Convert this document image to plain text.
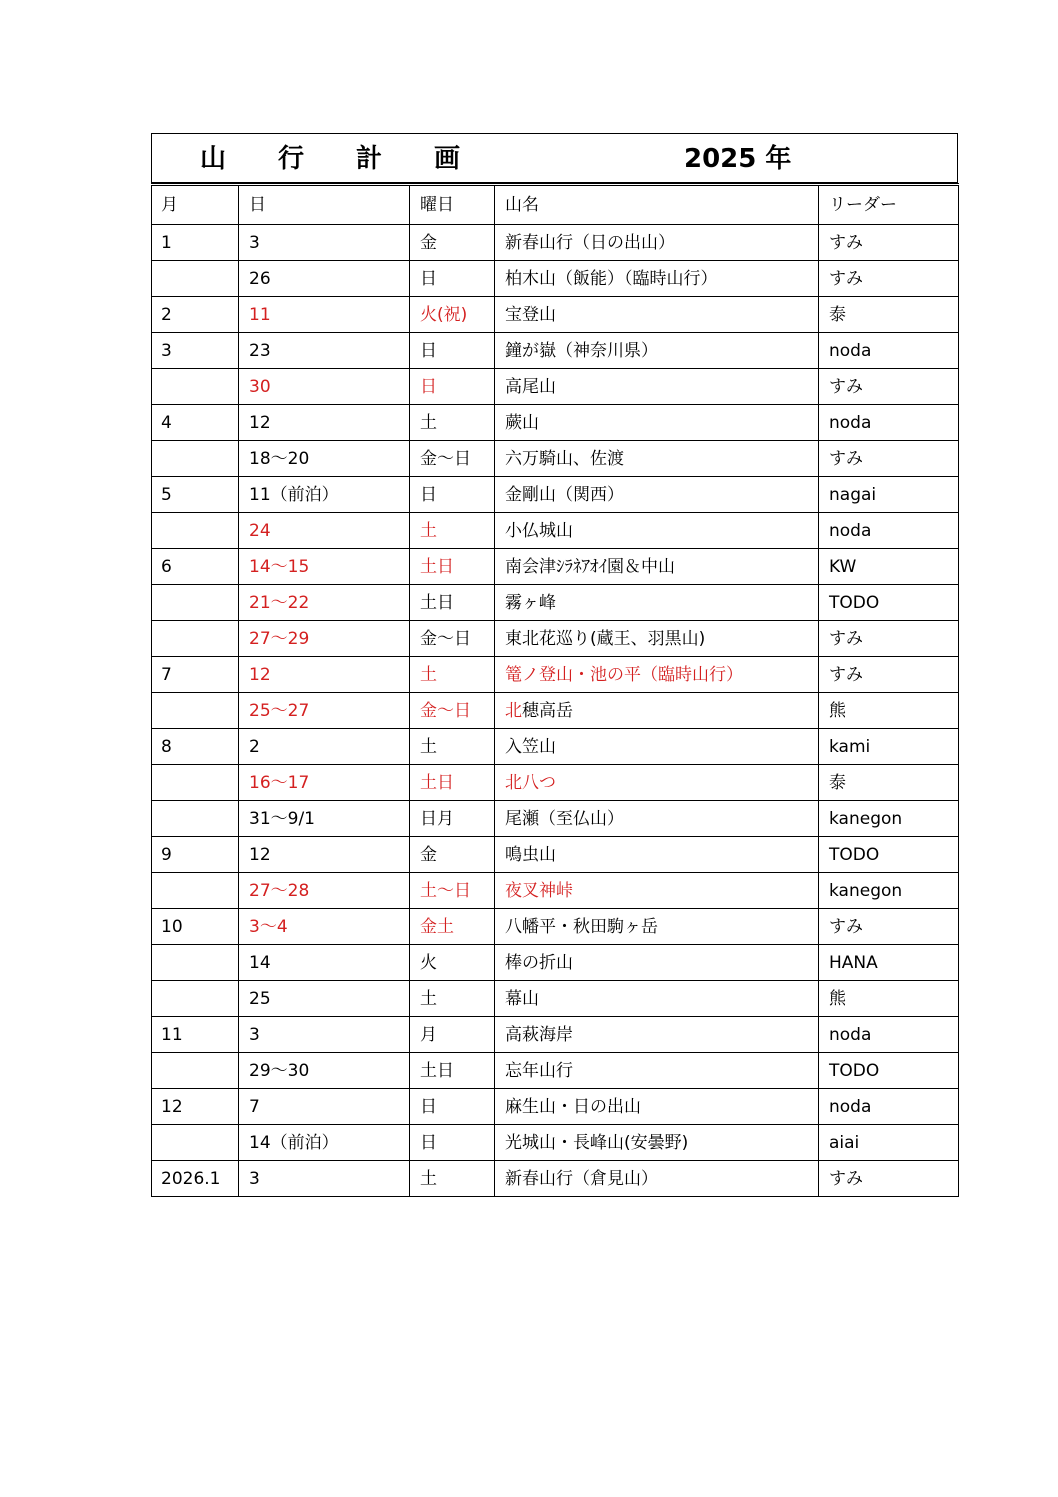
山　　行　　計　　画	2025 年
月	日	曜日	山名	リーダー
1	3	金	新春山行（日の出山）	すみ
	26	日	柏木山（飯能）（臨時山行）	すみ
2	11	火(祝)	宝登山	泰
3	23	日	鐘が嶽（神奈川県）	noda
	30	日	高尾山	すみ
4	12	土	蕨山	noda
	18～20	金～日	六万騎山、佐渡	すみ
5	11（前泊）	日	金剛山（関西）	nagai
	24	土	小仏城山	noda
6	14～15	土日	南会津ｼﾗﾈｱｵｲ園＆中山	KW
	21～22	土日	霧ヶ峰	TODO
	27～29	金～日	東北花巡り(蔵王、羽黒山)	すみ
7	12	土	篭ノ登山・池の平（臨時山行）	すみ
	25～27	金～日	北穂高岳	熊
8	2	土	入笠山	kami
	16～17	土日	北八つ	泰
	31～9/1	日月	尾瀬（至仏山）	kanegon
9	12	金	鳴虫山	TODO
	27～28	土～日	夜叉神峠	kanegon
10	3～4	金土	八幡平・秋田駒ヶ岳	すみ
	14	火	棒の折山	HANA
	25	土	幕山	熊
11	3	月	高萩海岸	noda
	29～30	土日	忘年山行	TODO
12	7	日	麻生山・日の出山	noda
	14（前泊）	日	光城山・長峰山(安曇野)	aiai
2026.1	3	土	新春山行（倉見山）	すみ
